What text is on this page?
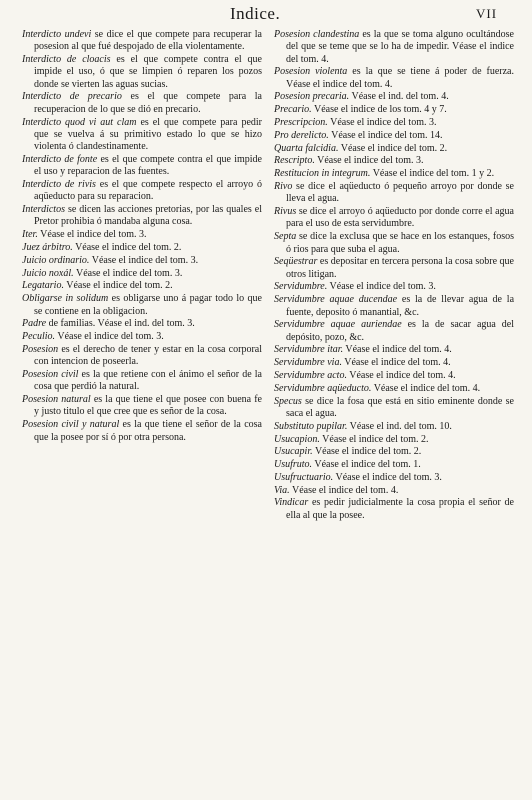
Indice.	VII

Interdicto undevi se dice el que compete para recuperar la posesion al que fué despojado de ella violentamente.

Interdicto de cloacis es el que compete contra el que impide el uso, ó que se limpien ó reparen los pozos donde se vierten las aguas sucias.

Interdicto de precario es el que compete para la recuperacion de lo que se dió en precario.

Interdicto quod vi aut clam es el que compete para pedir que se vuelva á su primitivo estado lo que se hizo violenta ó clandestinamente.

Interdicto de fonte es el que compete contra el que impide el uso y reparacion de las fuentes.

Interdicto de rivis es el que compete respecto el arroyo ó aqüeducto para su reparacion.

Interdictos se dicen las acciones pretorias, por las quales el Pretor prohibia ó mandaba alguna cosa.

Iter. Véase el indice del tom. 3.

Juez árbitro. Véase el indice del tom. 2.

Juicio ordinario. Véase el indice del tom. 3.

Juicio noxál. Véase el indice del tom. 3.

Legatario. Véase el indice del tom. 2.

Obligarse in solidum es obligarse uno á pagar todo lo que se contiene en la obligacion.

Padre de familias. Véase el ind. del tom. 3.

Peculio. Véase el indice del tom. 3.

Posesion es el derecho de tener y estar en la cosa corporal con intencion de poseerla.

Posesion civil es la que retiene con el ánimo el señor de la cosa que perdió la natural.

Posesion natural es la que tiene el que posee con buena fe y justo titulo el que cree que es señor de la cosa.

Posesion civil y natural es la que tiene el señor de la cosa que la posee por sí ó por otra persona.

Posesion clandestina es la que se toma alguno ocultándose del que se teme que se lo ha de impedir. Véase el indice del tom. 4.

Posesion violenta es la que se tiene á poder de fuerza. Véase el indice del tom. 4.

Posesion precaria. Véase el ind. del tom. 4.

Precario. Véase el indice de los tom. 4 y 7.

Prescripcion. Véase el indice del tom. 3.

Pro derelicto. Véase el indice del tom. 14.

Quarta falcidia. Véase el indice del tom. 2.

Rescripto. Véase el indice del tom. 3.

Restitucion in integrum. Véase el indice del tom. 1 y 2.

Rivo se dice el aqüeducto ó pequeño arroyo por donde se lleva el agua.

Rivus se dice el arroyo ó aqüeducto por donde corre el agua para el uso de esta servidumbre.

Septa se dice la exclusa que se hace en los estanques, fosos ó rios para que suba el agua.

Seqüestrar es depositar en tercera persona la cosa sobre que otros litigan.

Servidumbre. Véase el indice del tom. 3.

Servidumbre aquae ducendae es la de llevar agua de la fuente, deposito ó manantial, &c.

Servidumbre aquae auriendae es la de sacar agua del depósito, pozo, &c.

Servidumbre itar. Véase el indice del tom. 4.

Servidumbre via. Véase el indice del tom. 4.

Servidumbre acto. Véase el indice del tom. 4.

Servidumbre aqüeducto. Véase el indice del tom. 4.

Specus se dice la fosa que está en sitio eminente donde se saca el agua.

Substituto pupilar. Véase el ind. del tom. 10.

Usucapion. Véase el indice del tom. 2.

Usucapir. Véase el indice del tom. 2.

Usufruto. Véase el indice del tom. 1.

Usufructuario. Véase el indice del tom. 3.

Via. Véase el indice del tom. 4.

Vindicar es pedir judicialmente la cosa propia el señor de ella al que la posee.
